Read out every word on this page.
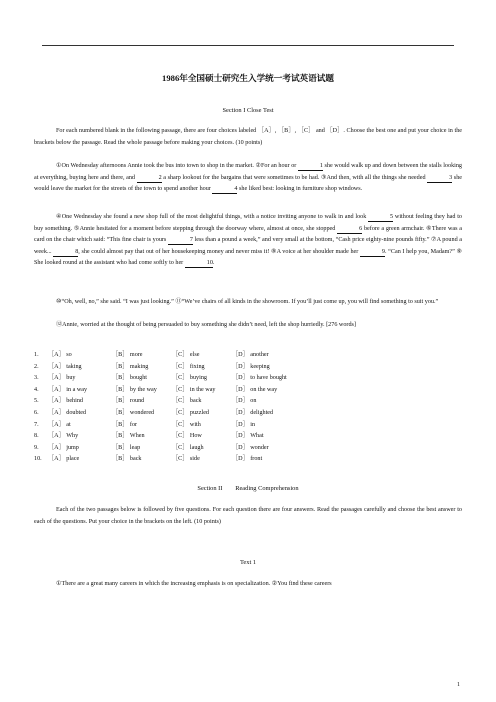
1986年全国硕士研究生入学统一考试英语试题
Section I Close Test

For each numbered blank in the following passage, there are four choices labeled ［A］, ［B］, ［C］ and ［D］. Choose the best one and put your choice in the brackets below the passage. Read the whole passage before making your choices. (10 points)

①On Wednesday afternoons Annie took the bus into town to shop in the market. ②For an hour or	1 she would walk up and down between the stalls looking at everything, buying here and there, and	2 a sharp lookout for the bargains that were sometimes to be had. ③And then, with all the things she needed	3 she would leave the market for the streets of the town to spend another hour	4 she liked best: looking in furniture shop windows.

④One Wednesday she found a new shop full of the most delightful things, with a notice inviting anyone to walk in and look	5 without feeling they had to buy something. ⑤Annie hesitated for a moment before stepping through the doorway where, almost at once, she stopped	6 before a green armchair. ⑥There was a card on the chair which said: “This fine chair is yours	7 less than a pound a week,” and very small at the bottom, “Cash price eighty-nine pounds fifty.” ⑦A pound a week...	8, she could almost pay that out of her housekeeping money and never miss it! ⑧A voice at her shoulder made her	9. “Can I help you, Madam?” ⑨ She looked round at the assistant who had come softly to her	10.

⑩“Oh, well, no,” she said. “I was just looking.” ⑪“We’ve chairs of all kinds in the showroom. If you’ll just come up, you will find something to suit you.”

⑫Annie, worried at the thought of being persuaded to buy something she didn’t need, left the shop hurriedly. [276 words]

1. ［A］ so	［B］ more	［C］ else	［D］ another
2. ［A］ taking	［B］ making	［C］ fixing	［D］ keeping
3. ［A］ buy	［B］ bought	［C］ buying	［D］ to have bought
4. ［A］ in a way	［B］ by the way ［C］ in the way	［D］ on the way
5. ［A］ behind	［B］ round	［C］ back	［D］ on
6. ［A］ doubted	［B］ wondered	［C］ puzzled	［D］ delighted
7. ［A］ at	［B］ for	［C］ with	［D］ in
8. ［A］ Why	［B］ When	［C］ How	［D］ What
9. ［A］ jump	［B］ leap	［C］ laugh	［D］ wonder
10. ［A］ place	［B］ back	［C］ side	［D］ front
Section II　　Reading Comprehension

Each of the two passages below is followed by five questions. For each question there are four answers. Read the passages carefully and choose the best answer to each of the questions. Put your choice in the brackets on the left. (10 points)

Text 1

①There are a great many careers in which the increasing emphasis is on specialization. ②You find these careers

1
